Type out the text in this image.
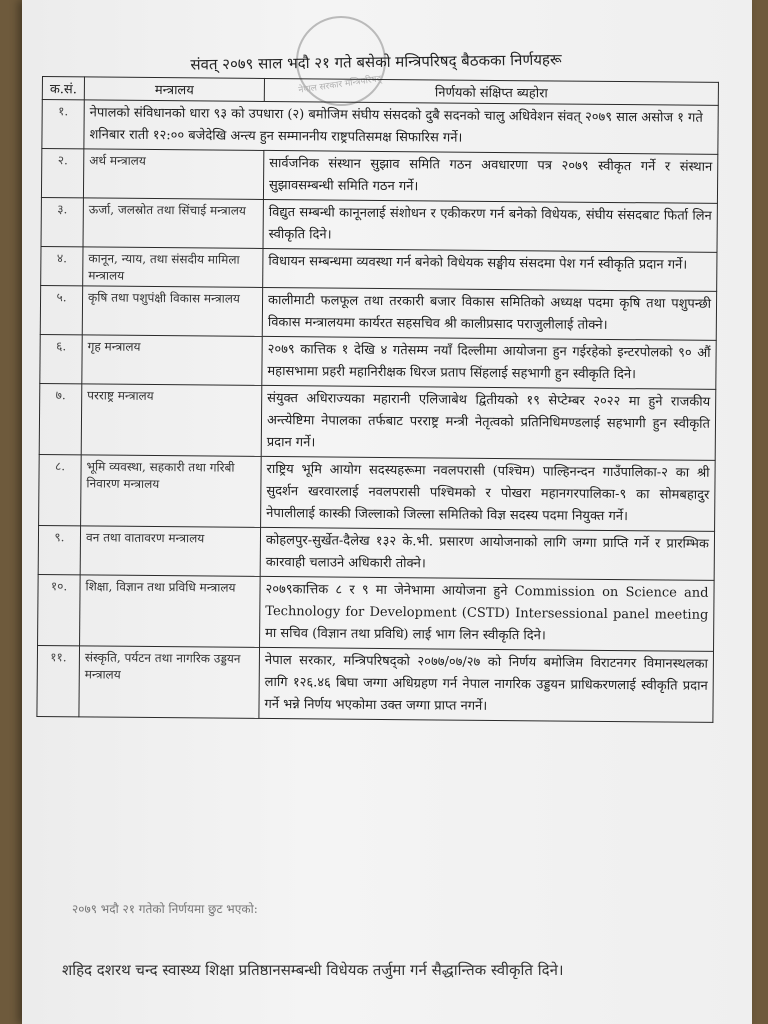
नेपाल सरकार मन्त्रिपरिषद्
संवत् २०७९ साल भदौ २१ गते बसेको मन्त्रिपरिषद् बैठकका निर्णयहरू
क.सं.	मन्त्रालय	निर्णयको संक्षिप्त ब्यहोरा
१.	नेपालको संविधानको धारा ९३ को उपधारा (२) बमोजिम संघीय संसदको दुबै सदनको चालु अधिवेशन संवत् २०७९ साल असोज १ गते शनिबार राती १२:०० बजेदेखि अन्त्य हुन सम्माननीय राष्ट्रपतिसमक्ष सिफारिस गर्ने।	
२.	अर्थ मन्त्रालय	सार्वजनिक संस्थान सुझाव समिति गठन अवधारणा पत्र २०७९ स्वीकृत गर्ने र संस्थान सुझावसम्बन्धी समिति गठन गर्ने।
३.	ऊर्जा, जलस्रोत तथा सिंचाई मन्त्रालय	विद्युत सम्बन्धी कानूनलाई संशोधन र एकीकरण गर्न बनेको विधेयक, संघीय संसदबाट फिर्ता लिन स्वीकृति दिने।
४.	कानून, न्याय, तथा संसदीय मामिला मन्त्रालय	विधायन सम्बन्धमा व्यवस्था गर्न बनेको विधेयक सङ्घीय संसदमा पेश गर्न स्वीकृति प्रदान गर्ने।
५.	कृषि तथा पशुपंक्षी विकास मन्त्रालय	कालीमाटी फलफूल तथा तरकारी बजार विकास समितिको अध्यक्ष पदमा कृषि तथा पशुपन्छी विकास मन्त्रालयमा कार्यरत सहसचिव श्री कालीप्रसाद पराजुलीलाई तोक्ने।
६.	गृह मन्त्रालय	२०७९ कात्तिक १ देखि ४ गतेसम्म नयाँ दिल्लीमा आयोजना हुन गईरहेको इन्टरपोलको ९० औं महासभामा प्रहरी महानिरीक्षक धिरज प्रताप सिंहलाई सहभागी हुन स्वीकृति दिने।
७.	परराष्ट्र मन्त्रालय	संयुक्त अधिराज्यका महारानी एलिजाबेथ द्वितीयको १९ सेप्टेम्बर २०२२ मा हुने राजकीय अन्त्येष्टिमा नेपालका तर्फबाट परराष्ट्र मन्त्री नेतृत्वको प्रतिनिधिमण्डलाई सहभागी हुन स्वीकृति प्रदान गर्ने।
८.	भूमि व्यवस्था, सहकारी तथा गरिबी निवारण मन्त्रालय	राष्ट्रिय भूमि आयोग सदस्यहरूमा नवलपरासी (पश्चिम) पाल्हिनन्दन गाउँपालिका-२ का श्री सुदर्शन खरवारलाई नवलपरासी पश्चिमको र पोखरा महानगरपालिका-९ का सोमबहादुर नेपालीलाई कास्की जिल्लाको जिल्ला समितिको विज्ञ सदस्य पदमा नियुक्त गर्ने।
९.	वन तथा वातावरण मन्त्रालय	कोहलपुर-सुर्खेत-दैलेख १३२ के.भी. प्रसारण आयोजनाको लागि जग्गा प्राप्ति गर्ने र प्रारम्भिक कारवाही चलाउने अधिकारी तोक्ने।
१०.	शिक्षा, विज्ञान तथा प्रविधि मन्त्रालय	२०७९कात्तिक ८ र ९ मा जेनेभामा आयोजना हुने Commission on Science and Technology for Development (CSTD) Intersessional panel meeting मा सचिव (विज्ञान तथा प्रविधि) लाई भाग लिन स्वीकृति दिने।
११.	संस्कृति, पर्यटन तथा नागरिक उड्डयन मन्त्रालय	नेपाल सरकार, मन्त्रिपरिषद्को २०७७/०७/२७ को निर्णय बमोजिम विराटनगर विमानस्थलका लागि १२६.४६ बिघा जग्गा अधिग्रहण गर्न नेपाल नागरिक उड्डयन प्राधिकरणलाई स्वीकृति प्रदान गर्ने भन्ने निर्णय भएकोमा उक्त जग्गा प्राप्त नगर्ने।
२०७९ भदौ २१ गतेको निर्णयमा छुट भएको:
शहिद दशरथ चन्द स्वास्थ्य शिक्षा प्रतिष्ठानसम्बन्धी विधेयक तर्जुमा गर्न सैद्धान्तिक स्वीकृति दिने।
